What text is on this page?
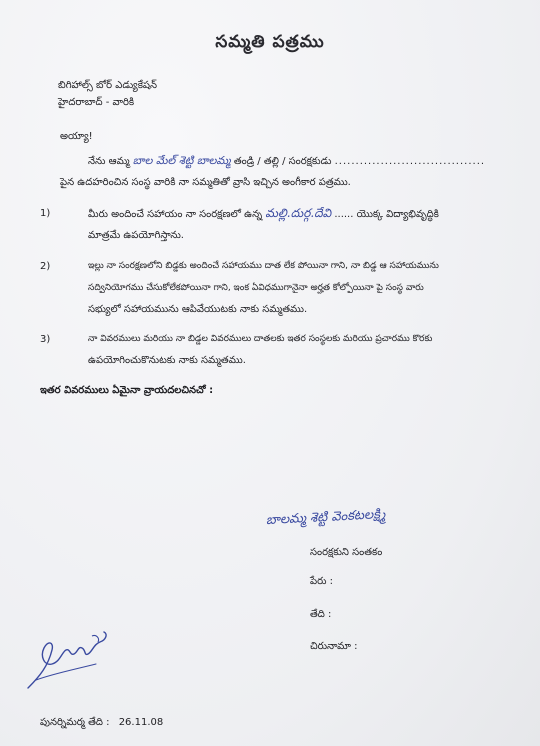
సమ్మతి పత్రము
బిగిహాల్స్ బోర్ ఎడ్యుకేషన్
హైదరాబాద్ - వారికి
అయ్యా!
నేను ఆమ్మ బాల మేల్ శెట్టి బాలమ్మ తండ్రి / తల్లి / సంరక్షకుడు ....................................
పైన ఉదహరించిన సంస్థ వారికి నా సమ్మతితో వ్రాసి ఇచ్చిన అంగీకార పత్రము.
1)	మీరు అందించే సహాయం నా సంరక్షణలో ఉన్న మల్లి.దుర్గ.దేవి ...... యొక్క విద్యాభివృద్ధికి
మాత్రమే ఉపయోగిస్తాను.
2)	ఇల్లు నా సంరక్షణలోని బిడ్డకు అందించే సహాయము దాత లేక పోయినా గాని, నా బిడ్డ ఆ సహాయమును
సద్వినియోగము చేసుకోలేకపోయినా గాని, ఇంక ఏవిధముగానైనా అర్హత కోల్పోయినా పై సంస్థ వారు
సభ్యులో సహాయమును ఆపివేయుటకు నాకు సమ్మతము.
3)	నా వివరములు మరియు నా బిడ్డల వివరములు దాతలకు ఇతర సంస్థలకు మరియు ప్రచారము కొరకు
ఉపయోగించుకొనుటకు నాకు సమ్మతము.
ఇతర వివరములు ఏమైనా వ్రాయదలచినచో :
బాలమ్మ శెట్టి వెంకటలక్ష్మి
సంరక్షకుని సంతకం
పేరు :
తేది :
చిరునామా :
పునర్నిమర్మ తేది : 26.11.08
